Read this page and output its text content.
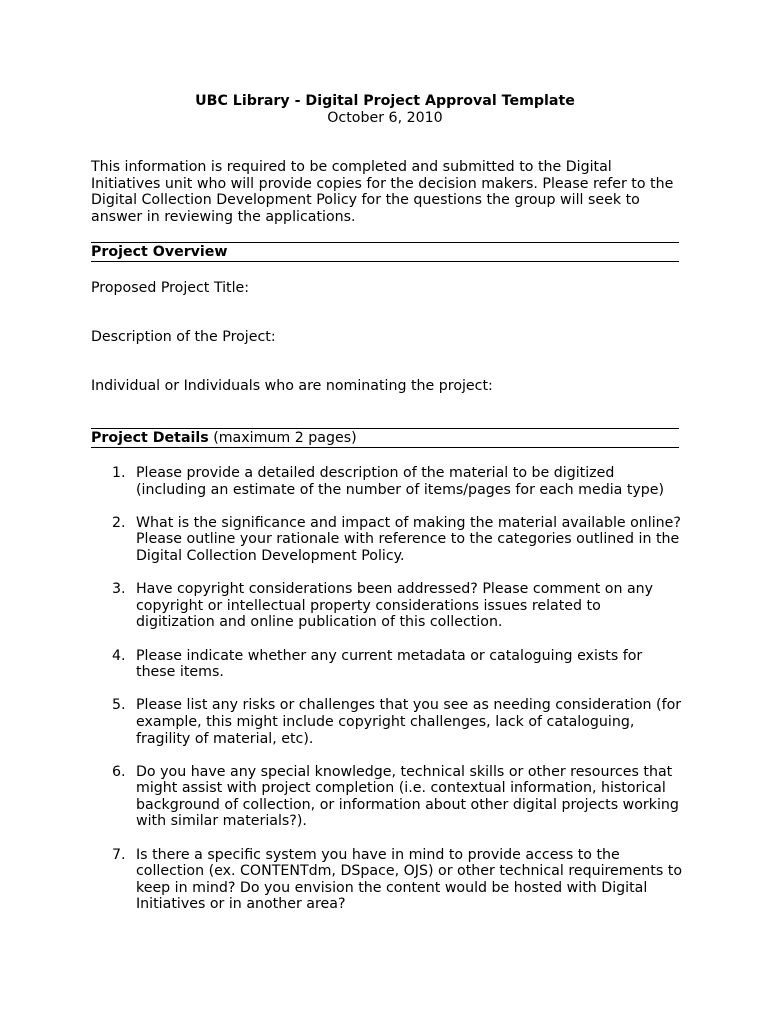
UBC Library - Digital Project Approval Template
October 6, 2010
This information is required to be completed and submitted to the Digital Initiatives unit who will provide copies for the decision makers. Please refer to the Digital Collection Development Policy for the questions the group will seek to answer in reviewing the applications.
Project Overview
Proposed Project Title:
Description of the Project:
Individual or Individuals who are nominating the project:
Project Details (maximum 2 pages)
1. Please provide a detailed description of the material to be digitized (including an estimate of the number of items/pages for each media type)
2. What is the significance and impact of making the material available online? Please outline your rationale with reference to the categories outlined in the Digital Collection Development Policy.
3. Have copyright considerations been addressed? Please comment on any copyright or intellectual property considerations issues related to digitization and online publication of this collection.
4. Please indicate whether any current metadata or cataloguing exists for these items.
5. Please list any risks or challenges that you see as needing consideration (for example, this might include copyright challenges, lack of cataloguing, fragility of material, etc).
6. Do you have any special knowledge, technical skills or other resources that might assist with project completion (i.e. contextual information, historical background of collection, or information about other digital projects working with similar materials?).
7. Is there a specific system you have in mind to provide access to the collection (ex. CONTENTdm, DSpace, OJS) or other technical requirements to keep in mind? Do you envision the content would be hosted with Digital Initiatives or in another area?
